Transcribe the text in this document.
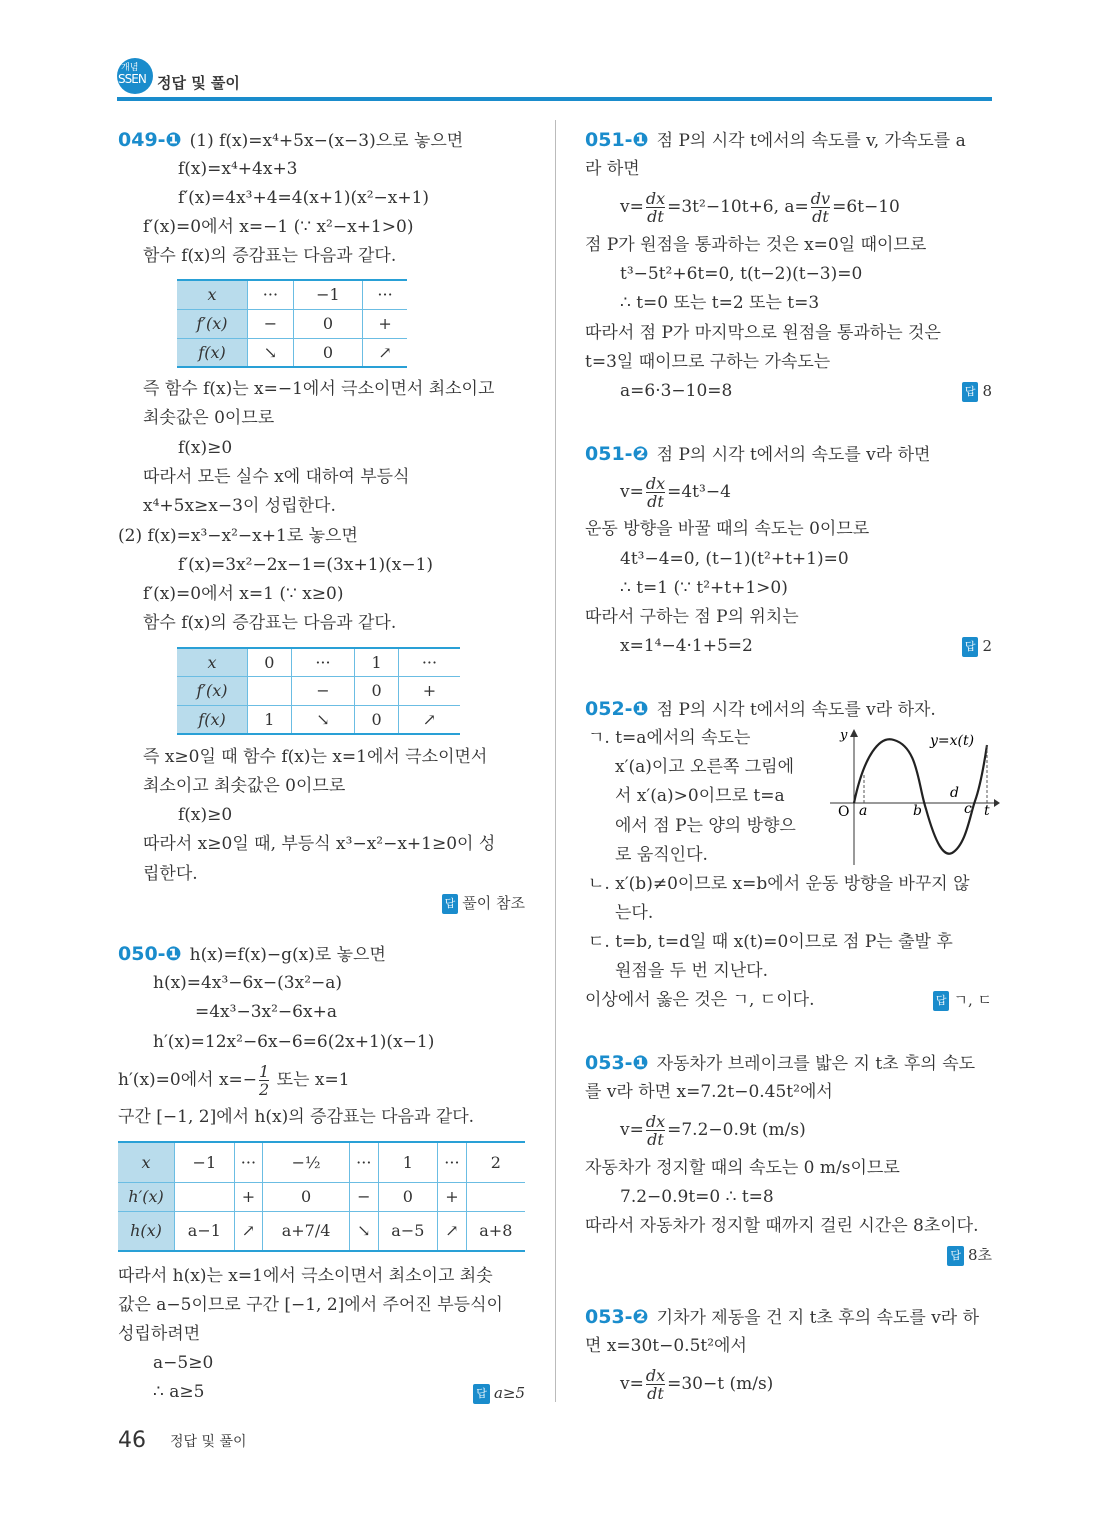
개념
SSEN 정답 및 풀이
049-❶ (1) f(x)=x⁴+5x−(x−3)으로 놓으면
f(x)=x⁴+4x+3
f′(x)=4x³+4=4(x+1)(x²−x+1)
f′(x)=0에서 x=−1 (∵ x²−x+1>0)
함수 f(x)의 증감표는 다음과 같다.
x	···	−1	···
f′(x)	−	0	+
f(x)	↘	0	↗
즉 함수 f(x)는 x=−1에서 극소이면서 최소이고
최솟값은 0이므로
f(x)≥0
따라서 모든 실수 x에 대하여 부등식
x⁴+5x≥x−3이 성립한다.
(2) f(x)=x³−x²−x+1로 놓으면
f′(x)=3x²−2x−1=(3x+1)(x−1)
f′(x)=0에서 x=1 (∵ x≥0)
함수 f(x)의 증감표는 다음과 같다.
x	0	···	1	···
f′(x)		−	0	+
f(x)	1	↘	0	↗
즉 x≥0일 때 함수 f(x)는 x=1에서 극소이면서
최소이고 최솟값은 0이므로
f(x)≥0
따라서 x≥0일 때, 부등식 x³−x²−x+1≥0이 성
립한다.
답 풀이 참조
050-❶ h(x)=f(x)−g(x)로 놓으면
h(x)=4x³−6x−(3x²−a)
=4x³−3x²−6x+a
h′(x)=12x²−6x−6=6(2x+1)(x−1)
h′(x)=0에서 $x=- \frac{1}{2}$ 또는 x=1
구간 [−1, 2]에서 h(x)의 증감표는 다음과 같다.
x	−1	···	−½	···	1	···	2
h′(x)		+	0	−	0	+	
h(x)	a−1	↗	a+7/4	↘	a−5	↗	a+8
따라서 h(x)는 x=1에서 극소이면서 최소이고 최솟
값은 a−5이므로 구간 [−1, 2]에서 주어진 부등식이
성립하려면
a−5≥0
∴ a≥5	답 a≥5
051-❶ 점 P의 시각 t에서의 속도를 v, 가속도를 a
라 하면
$v= \frac{dx}{dt} =3t^2-10t+6$, $a= \frac{dv}{dt} =6t-10$
점 P가 원점을 통과하는 것은 x=0일 때이므로
t³−5t²+6t=0, t(t−2)(t−3)=0
∴ t=0 또는 t=2 또는 t=3
따라서 점 P가 마지막으로 원점을 통과하는 것은
t=3일 때이므로 구하는 가속도는
a=6·3−10=8	답 8
051-❷ 점 P의 시각 t에서의 속도를 v라 하면
$v= \frac{dx}{dt} =4t^3-4$
운동 방향을 바꿀 때의 속도는 0이므로
4t³−4=0, (t−1)(t²+t+1)=0
∴ t=1 (∵ t²+t+1>0)
따라서 구하는 점 P의 위치는
x=1⁴−4·1+5=2	답 2
052-❶ 점 P의 시각 t에서의 속도를 v라 하자.
ㄱ. t=a에서의 속도는
x′(a)이고 오른쪽 그림에
서 x′(a)>0이므로 t=a
에서 점 P는 양의 방향으
로 움직인다.
y
t
O a	b	c
d
y=x(t)
ㄴ. x′(b)≠0이므로 x=b에서 운동 방향을 바꾸지 않
는다.
ㄷ. t=b, t=d일 때 x(t)=0이므로 점 P는 출발 후
원점을 두 번 지난다.
이상에서 옳은 것은 ㄱ, ㄷ이다.	답 ㄱ, ㄷ
053-❶ 자동차가 브레이크를 밟은 지 t초 후의 속도
를 v라 하면 x=7.2t−0.45t²에서
$v= \frac{dx}{dt} =7.2-0.9t$ (m/s)
자동차가 정지할 때의 속도는 0 m/s이므로
7.2−0.9t=0 ∴ t=8
따라서 자동차가 정지할 때까지 걸린 시간은 8초이다.
답 8초
053-❷ 기차가 제동을 건 지 t초 후의 속도를 v라 하
면 x=30t−0.5t²에서
$v= \frac{dx}{dt} =30-t$ (m/s)
46 정답 및 풀이
